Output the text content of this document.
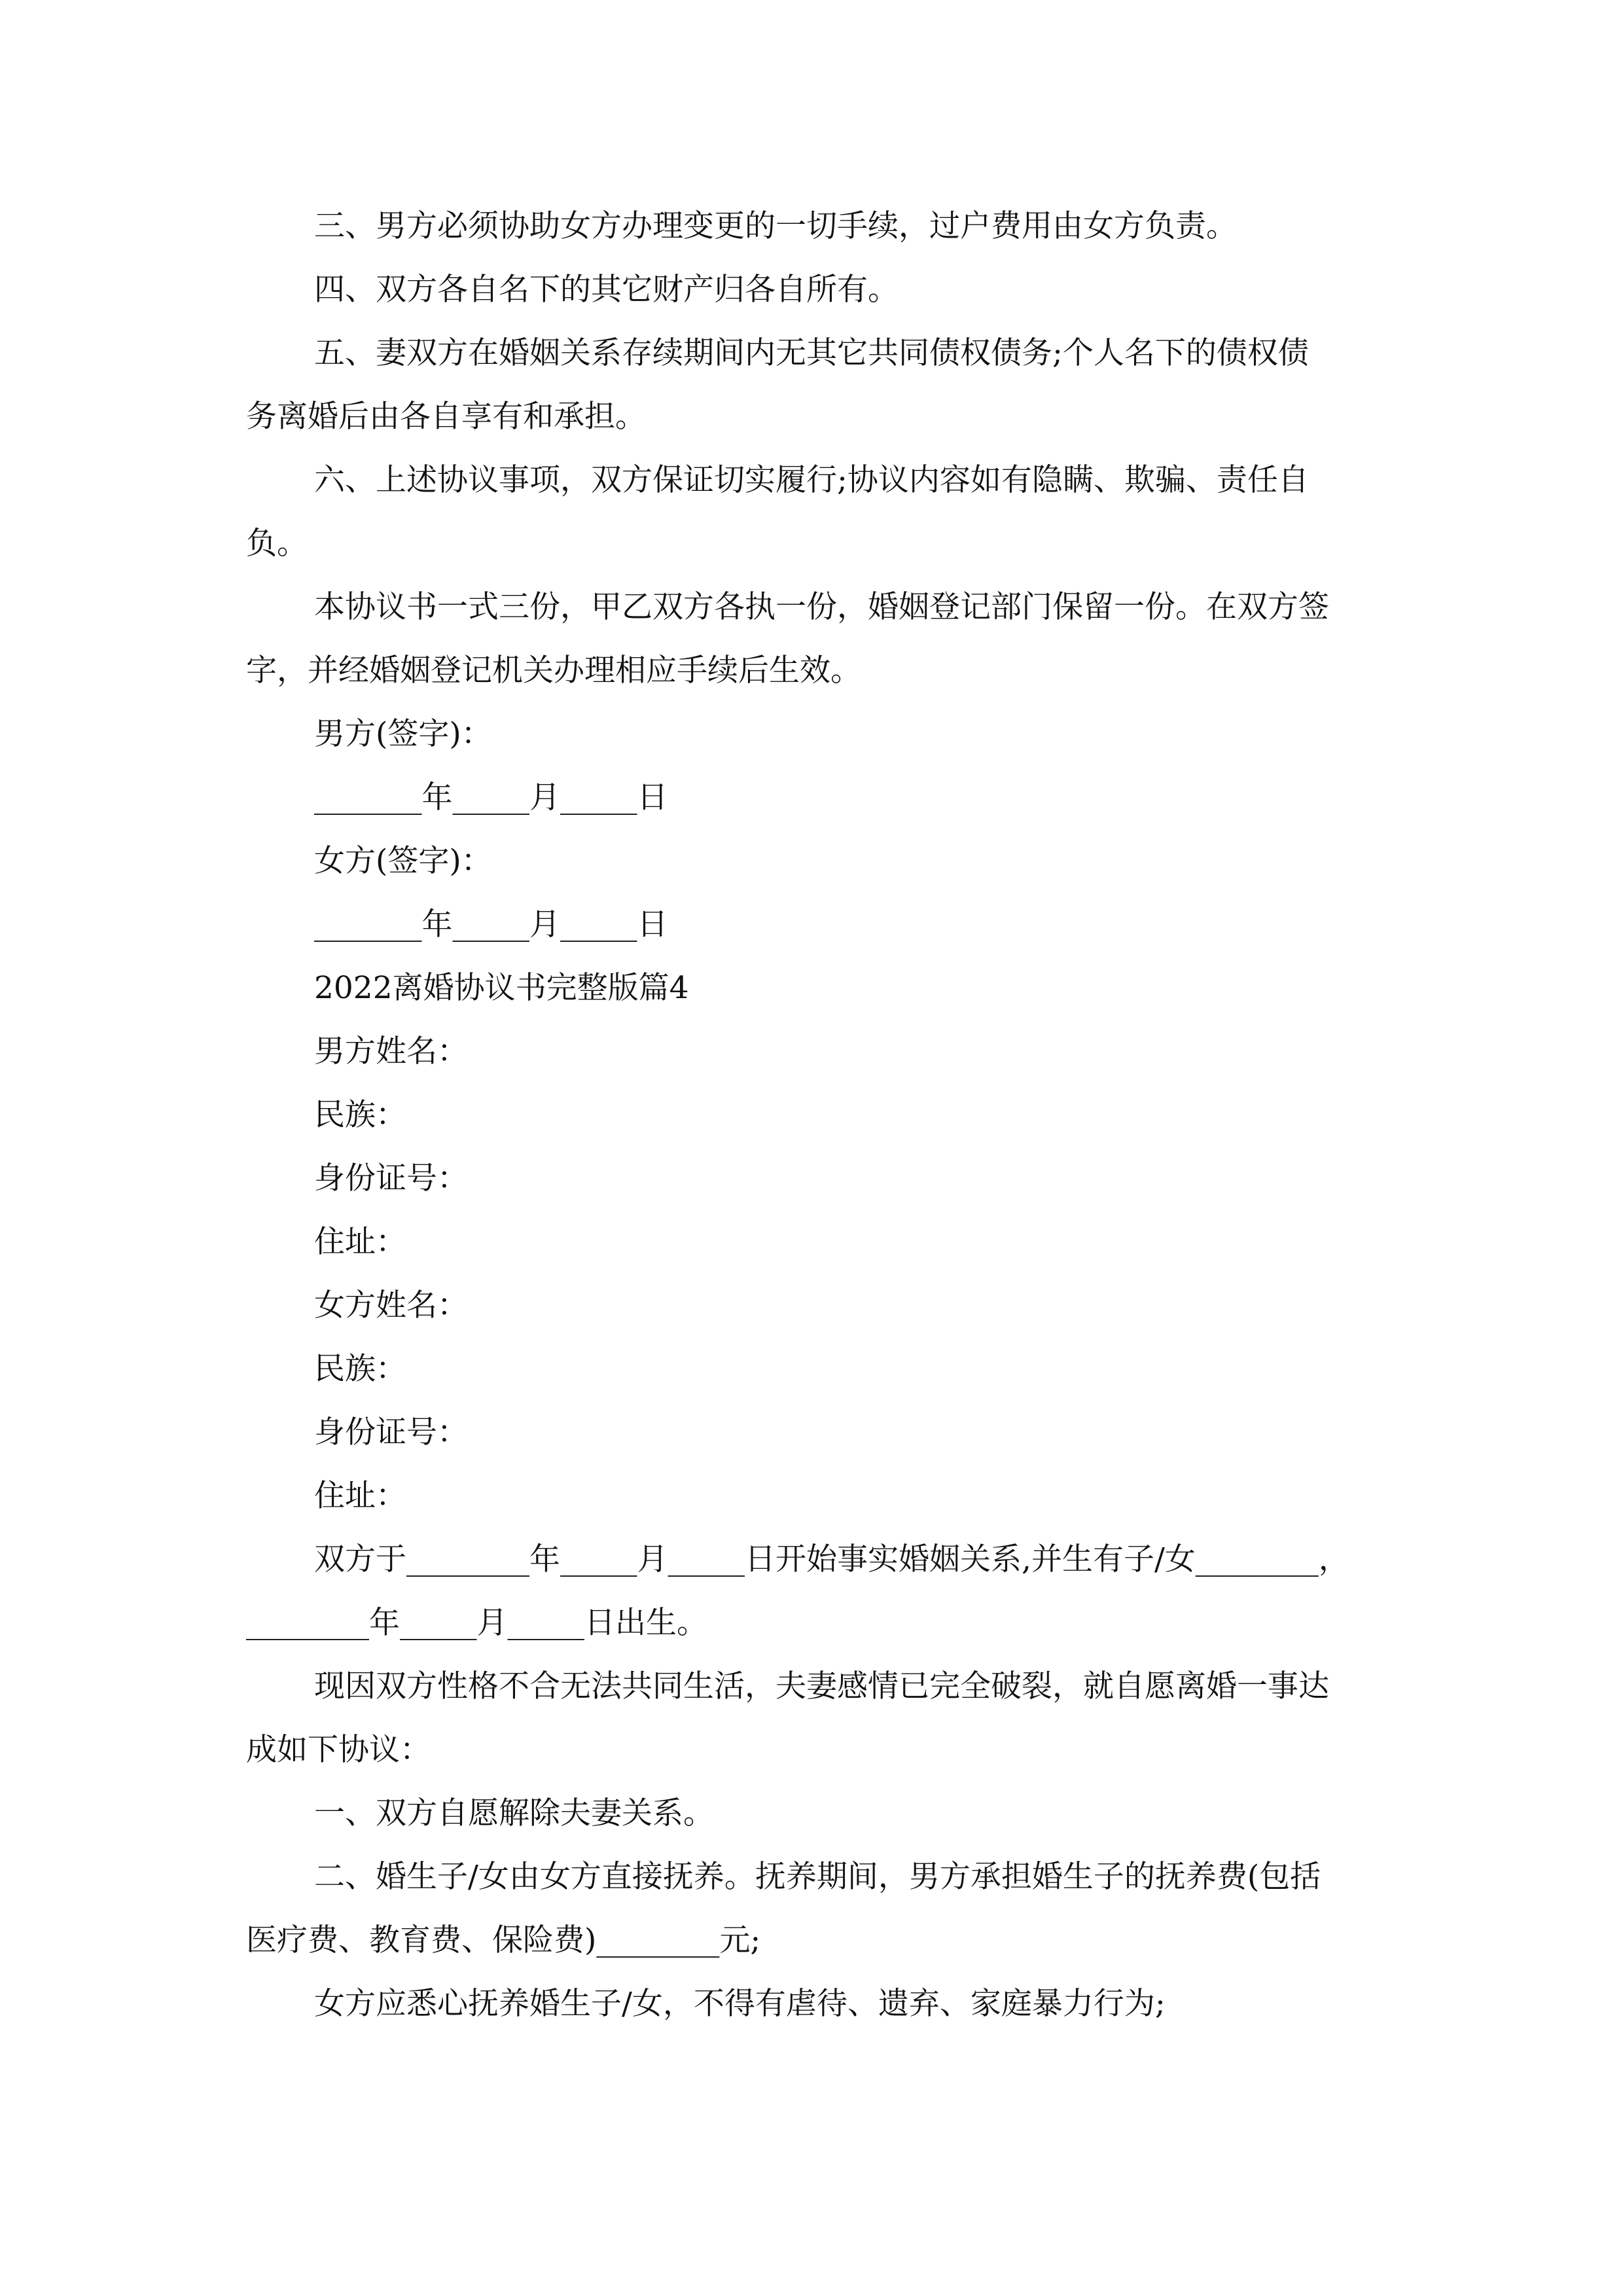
三、男方必须协助女方办理变更的一切手续，过户费用由女方负责。
四、双方各自名下的其它财产归各自所有。
五、妻双方在婚姻关系存续期间内无其它共同债权债务;个人名下的债权债
务离婚后由各自享有和承担。
六、上述协议事项，双方保证切实履行;协议内容如有隐瞒、欺骗、责任自
负。
本协议书一式三份，甲乙双方各执一份，婚姻登记部门保留一份。在双方签
字，并经婚姻登记机关办理相应手续后生效。
男方(签字)：
_______年_____月_____日
女方(签字)：
_______年_____月_____日
2022离婚协议书完整版篇4
男方姓名：
民族：
身份证号：
住址：
女方姓名：
民族：
身份证号：
住址：
双方于________年_____月_____日开始事实婚姻关系,并生有子/女________，
________年_____月_____日出生。
现因双方性格不合无法共同生活，夫妻感情已完全破裂，就自愿离婚一事达
成如下协议：
一、双方自愿解除夫妻关系。
二、婚生子/女由女方直接抚养。抚养期间，男方承担婚生子的抚养费(包括
医疗费、教育费、保险费)________元;
女方应悉心抚养婚生子/女，不得有虐待、遗弃、家庭暴力行为;
